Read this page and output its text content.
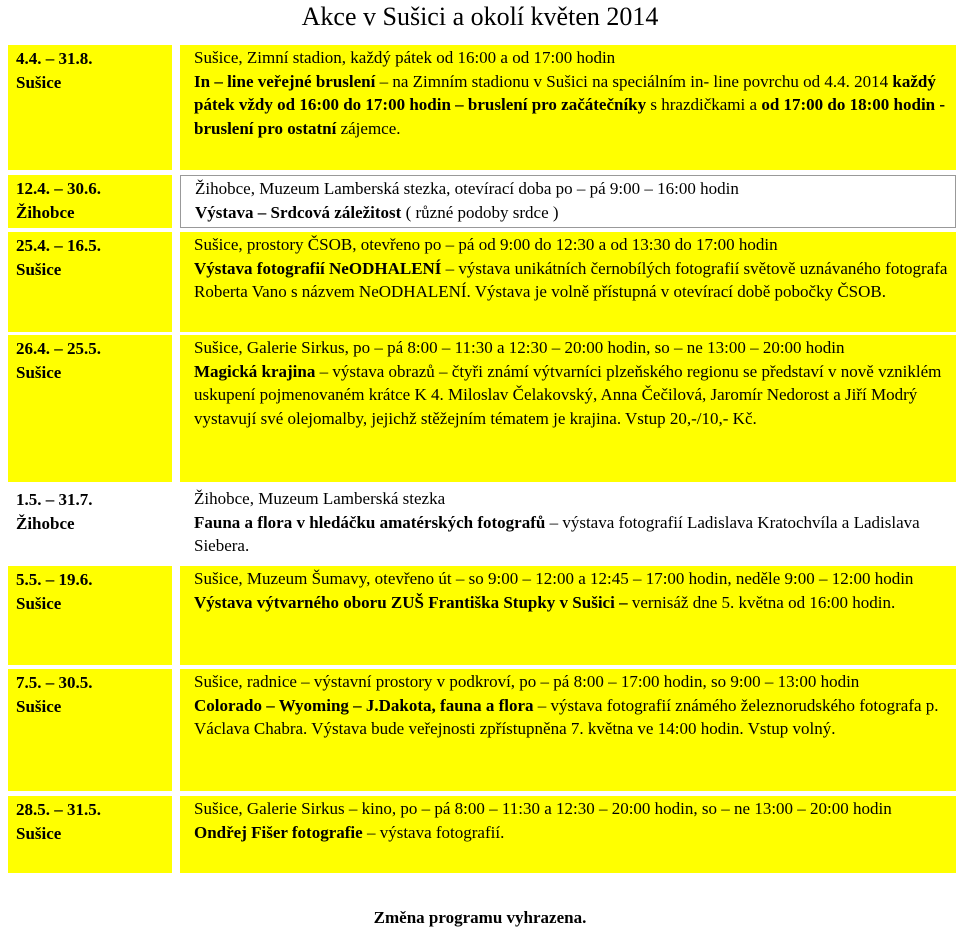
Akce v Sušici a okolí květen 2014
4.4. – 31.8.
Sušice
Sušice, Zimní stadion, každý pátek od 16:00 a od 17:00 hodin
In – line veřejné bruslení – na Zimním stadionu v Sušici na speciálním in- line povrchu od 4.4. 2014 každý pátek vždy od 16:00 do 17:00 hodin – bruslení pro začátečníky s hrazdičkami a od 17:00 do 18:00 hodin - bruslení pro ostatní zájemce.
12.4. – 30.6.
Žihobce
Žihobce, Muzeum Lamberská stezka, otevírací doba po – pá 9:00 – 16:00 hodin
Výstava – Srdcová záležitost ( různé podoby srdce )
25.4. – 16.5.
Sušice
Sušice, prostory ČSOB, otevřeno po – pá od 9:00 do 12:30 a od 13:30 do 17:00 hodin
Výstava fotografií NeODHALENÍ – výstava unikátních černobílých fotografií světově uznávaného fotografa Roberta Vano s názvem NeODHALENÍ. Výstava je volně přístupná v otevírací době pobočky ČSOB.
26.4. – 25.5.
Sušice
Sušice, Galerie Sirkus, po – pá 8:00 – 11:30 a 12:30 – 20:00 hodin, so – ne 13:00 – 20:00 hodin
Magická krajina – výstava obrazů – čtyři známí výtvarníci plzeňského regionu se představí v nově vzniklém uskupení pojmenovaném krátce K 4. Miloslav Čelakovský, Anna Čečilová, Jaromír Nedorost a Jiří Modrý vystavují své olejomalby, jejichž stěžejním tématem je krajina. Vstup 20,-/10,- Kč.
1.5. – 31.7.
Žihobce
Žihobce, Muzeum Lamberská stezka
Fauna a flora v hledáčku amatérských fotografů – výstava fotografií Ladislava Kratochvíla a Ladislava Siebera.
5.5. – 19.6.
Sušice
Sušice, Muzeum Šumavy, otevřeno út – so 9:00 – 12:00 a 12:45 – 17:00 hodin, neděle 9:00 – 12:00 hodin
Výstava výtvarného oboru ZUŠ Františka Stupky v Sušici – vernisáž dne 5. května od 16:00 hodin.
7.5. – 30.5.
Sušice
Sušice, radnice – výstavní prostory v podkroví, po – pá 8:00 – 17:00 hodin, so 9:00 – 13:00 hodin
Colorado – Wyoming – J.Dakota, fauna a flora – výstava fotografií známého železnorudského fotografa p. Václava Chabra. Výstava bude veřejnosti zpřístupněna 7. května ve 14:00 hodin. Vstup volný.
28.5. – 31.5.
Sušice
Sušice, Galerie Sirkus – kino, po – pá 8:00 – 11:30 a 12:30 – 20:00 hodin, so – ne 13:00 – 20:00 hodin
Ondřej Fišer fotografie – výstava fotografií.
Změna programu vyhrazena.
